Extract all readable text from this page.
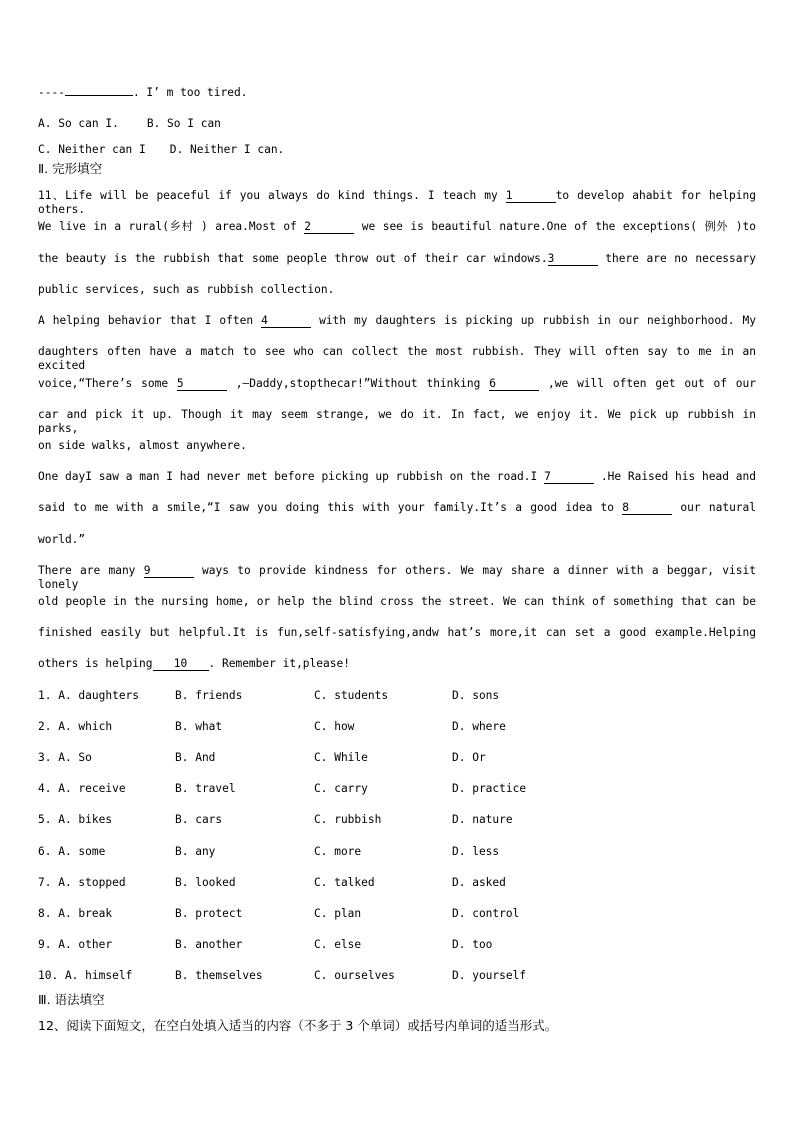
----	. I’ m too tired.
A. So can I.	B. So I can
C. Neither can I D. Neither I can.
Ⅱ. 完形填空
11、Life will be peaceful if you always do kind things. I teach my 1	to develop ahabit for helping others.
We live in a rural(乡村 ) area.Most of 2	we see is beautiful nature.One of the exceptions( 例外 )to
the beauty is the rubbish that some people throw out of their car windows.3	there are no necessary
public services, such as rubbish collection.
A helping behavior that I often 4	with my daughters is picking up rubbish in our neighborhood. My
daughters often have a match to see who can collect the most rubbish. They will often say to me in an excited
voice,“There’s some 5	,—Daddy,stopthecar!”Without thinking 6	,we will often get out of our
car and pick it up. Though it may seem strange, we do it. In fact, we enjoy it. We pick up rubbish in parks,
on side walks, almost anywhere.
One dayI saw a man I had never met before picking up rubbish on the road.I 7	.He Raised his head and
said to me with a smile,“I saw you doing this with your family.It’s a good idea to 8	our natural
world.”
There are many 9	ways to provide kindness for others. We may share a dinner with a beggar, visit lonely
old people in the nursing home, or help the blind cross the street. We can think of something that can be
finished easily but helpful.It is fun,self-satisfying,andw hat’s more,it can set a good example.Helping
others is helping 10 . Remember it,please!
1. A. daughters	B. friends	C. students	D. sons
2. A. which	B. what	C. how	D. where
3. A. So	B. And	C. While	D. Or
4. A. receive	B. travel	C. carry	D. practice
5. A. bikes	B. cars	C. rubbish	D. nature
6. A. some	B. any	C. more	D. less
7. A. stopped	B. looked	C. talked	D. asked
8. A. break	B. protect	C. plan	D. control
9. A. other	B. another	C. else	D. too
10. A. himself	B. themselves	C. ourselves	D. yourself
Ⅲ. 语法填空
12、阅读下面短文，在空白处填入适当的内容（不多于 3 个单词）或括号内单词的适当形式。
